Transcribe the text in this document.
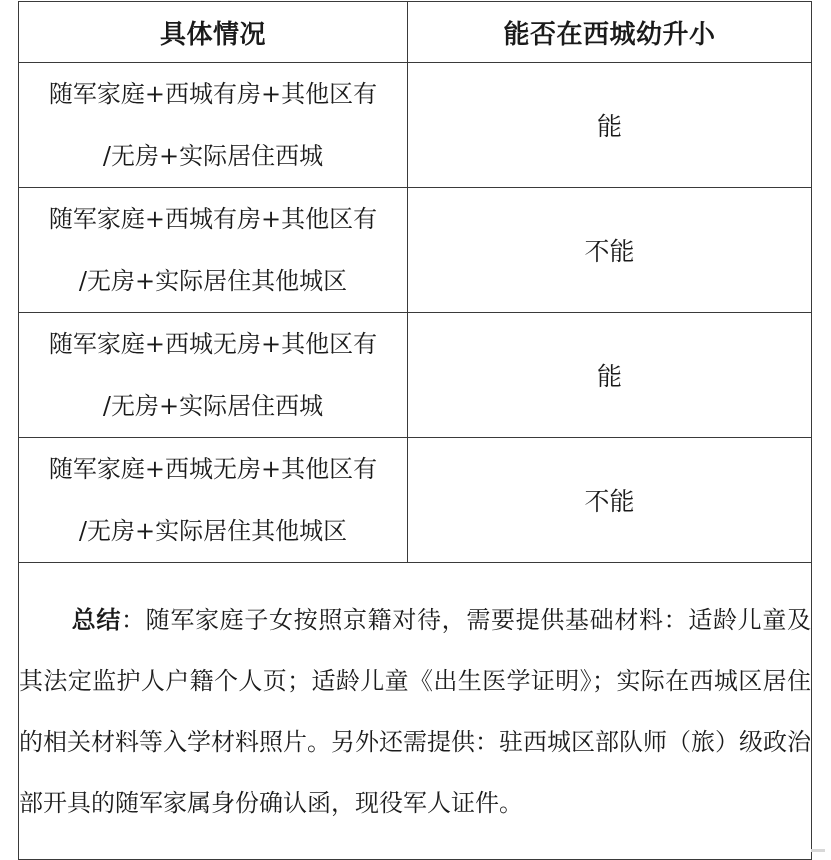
具体情况	能否在西城幼升小

随军家庭+西城有房+其他区有
/无房+实际居住西城	能

随军家庭+西城有房+其他区有
/无房+实际居住其他城区	不能

随军家庭+西城无房+其他区有
/无房+实际居住西城	能

随军家庭+西城无房+其他区有
/无房+实际居住其他城区	不能
总结：随军家庭子女按照京籍对待，需要提供基础材料：适龄儿童及其法定监护人户籍个人页；适龄儿童《出生医学证明》；实际在西城区居住的相关材料等入学材料照片。另外还需提供：驻西城区部队师（旅）级政治部开具的随军家属身份确认函，现役军人证件。	
